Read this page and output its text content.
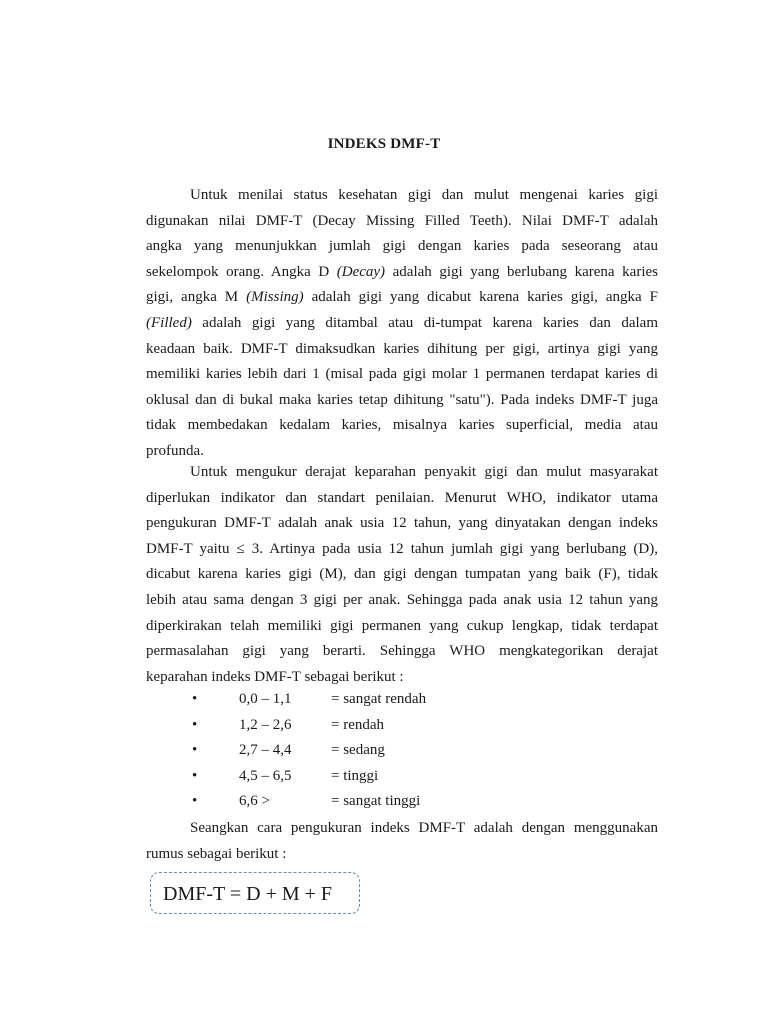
INDEKS DMF-T
Untuk menilai status kesehatan gigi dan mulut mengenai karies gigi
digunakan nilai DMF-T (Decay Missing Filled Teeth). Nilai DMF-T adalah
angka yang menunjukkan jumlah gigi dengan karies pada seseorang atau
sekelompok orang. Angka D (Decay) adalah gigi yang berlubang karena karies
gigi, angka M (Missing) adalah gigi yang dicabut karena karies gigi, angka F
(Filled) adalah gigi yang ditambal atau di-tumpat karena karies dan dalam
keadaan baik. DMF-T dimaksudkan karies dihitung per gigi, artinya gigi yang
memiliki karies lebih dari 1 (misal pada gigi molar 1 permanen terdapat karies di
oklusal dan di bukal maka karies tetap dihitung "satu"). Pada indeks DMF-T juga
tidak membedakan kedalam karies, misalnya karies superficial, media atau
profunda.
Untuk mengukur derajat keparahan penyakit gigi dan mulut masyarakat
diperlukan indikator dan standart penilaian. Menurut WHO, indikator utama
pengukuran DMF-T adalah anak usia 12 tahun, yang dinyatakan dengan indeks
DMF-T yaitu ≤ 3. Artinya pada usia 12 tahun jumlah gigi yang berlubang (D),
dicabut karena karies gigi (M), dan gigi dengan tumpatan yang baik (F), tidak
lebih atau sama dengan 3 gigi per anak. Sehingga pada anak usia 12 tahun yang
diperkirakan telah memiliki gigi permanen yang cukup lengkap, tidak terdapat
permasalahan gigi yang berarti. Sehingga WHO mengkategorikan derajat
keparahan indeks DMF-T sebagai berikut :
•	0,0 – 1,1	= sangat rendah
•	1,2 – 2,6	= rendah
•	2,7 – 4,4	= sedang
•	4,5 – 6,5	= tinggi
•	6,6 >	= sangat tinggi
Seangkan cara pengukuran indeks DMF-T adalah dengan menggunakan
rumus sebagai berikut :
DMF-T = D + M + F
